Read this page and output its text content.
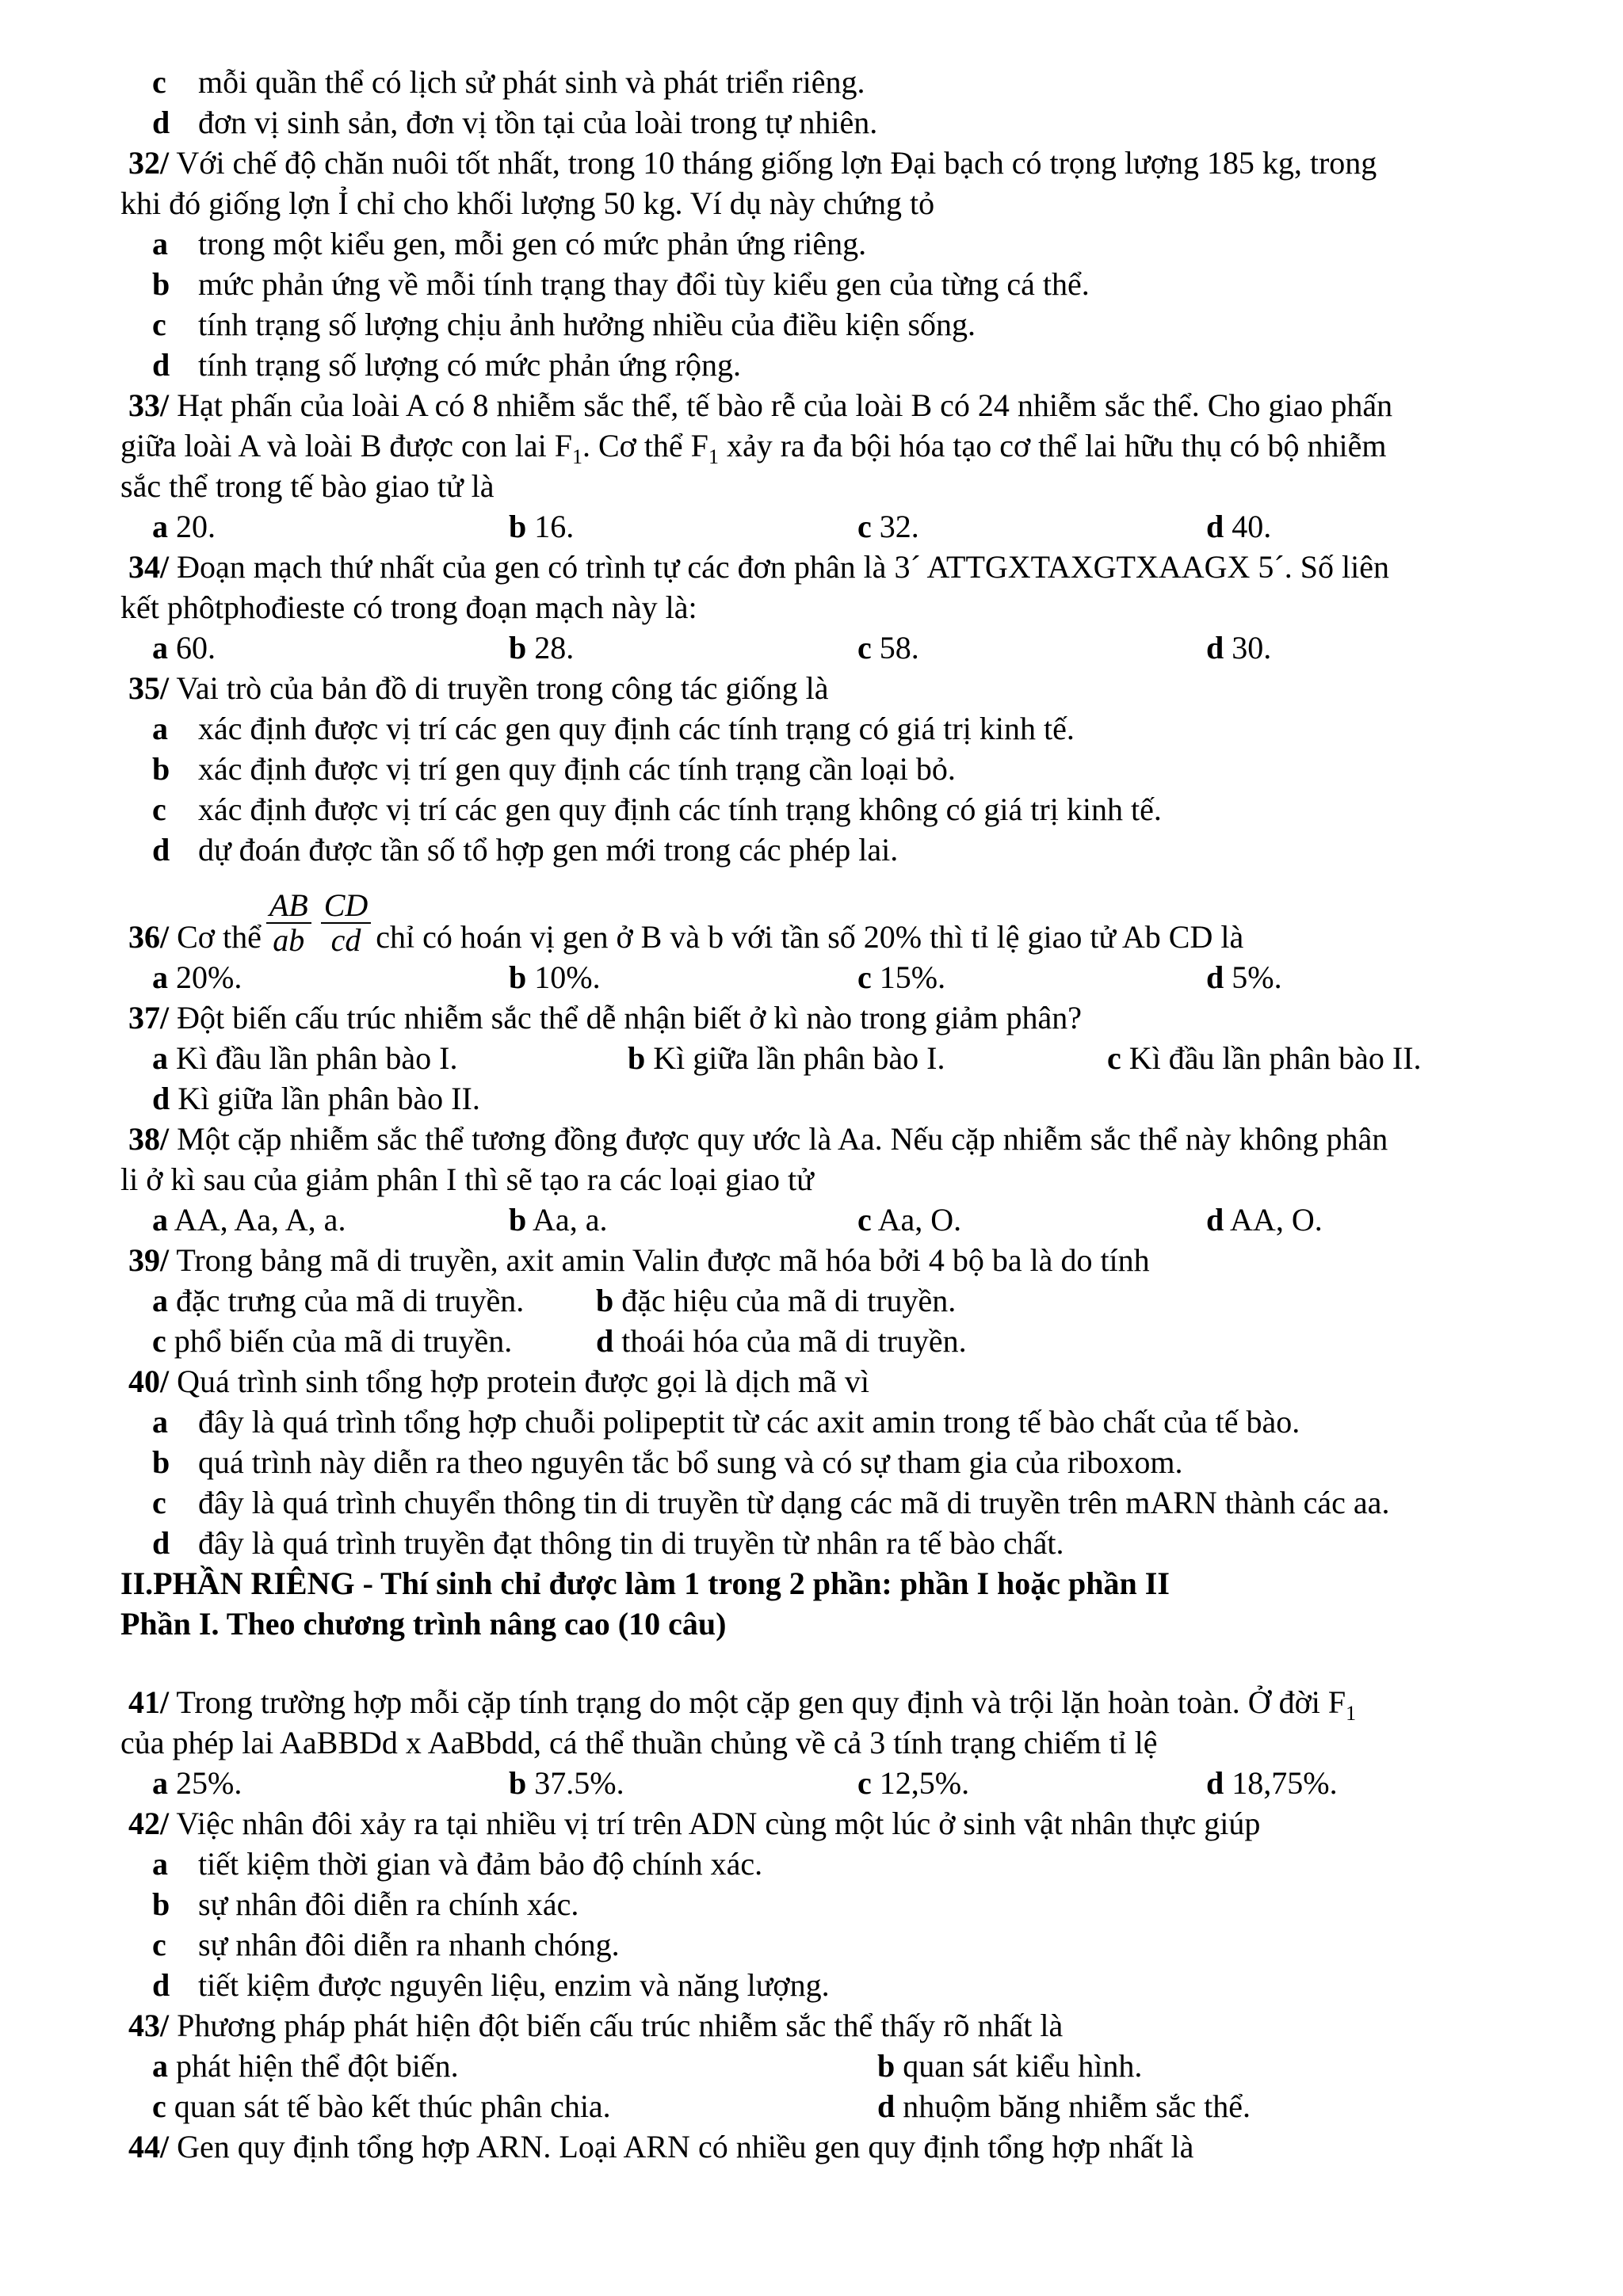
c mỗi quần thể có lịch sử phát sinh và phát triển riêng.
d đơn vị sinh sản, đơn vị tồn tại của loài trong tự nhiên.
32/ Với chế độ chăn nuôi tốt nhất, trong 10 tháng giống lợn Đại bạch có trọng lượng 185 kg, trong
khi đó giống lợn Ỉ chỉ cho khối lượng 50 kg. Ví dụ này chứng tỏ
a trong một kiểu gen, mỗi gen có mức phản ứng riêng.
b mức phản ứng về mỗi tính trạng thay đổi tùy kiểu gen của từng cá thể.
c tính trạng số lượng chịu ảnh hưởng nhiều của điều kiện sống.
d tính trạng số lượng có mức phản ứng rộng.
33/ Hạt phấn của loài A có 8 nhiễm sắc thể, tế bào rễ của loài B có 24 nhiễm sắc thể. Cho giao phấn
giữa loài A và loài B được con lai $F_1$. Cơ thể $F_1$ xảy ra đa bội hóa tạo cơ thể lai hữu thụ có bộ nhiễm
sắc thể trong tế bào giao tử là
a 20.	b 16.	c 32.	d 40.
34/ Đoạn mạch thứ nhất của gen có trình tự các đơn phân là 3´ ATTGXTAXGTXAAGX 5´. Số liên
kết phôtphođieste có trong đoạn mạch này là:
a 60.	b 28.	c 58.	d 30.
35/ Vai trò của bản đồ di truyền trong công tác giống là
a xác định được vị trí các gen quy định các tính trạng có giá trị kinh tế.
b xác định được vị trí gen quy định các tính trạng cần loại bỏ.
c xác định được vị trí các gen quy định các tính trạng không có giá trị kinh tế.
d dự đoán được tần số tổ hợp gen mới trong các phép lai.
36/ Cơ thể $\frac{AB}{ab} \frac{CD}{cd}$ chỉ có hoán vị gen ở B và b với tần số 20% thì tỉ lệ giao tử Ab CD là
a 20%.	b 10%.	c 15%.	d 5%.
37/ Đột biến cấu trúc nhiễm sắc thể dễ nhận biết ở kì nào trong giảm phân?
a Kì đầu lần phân bào I.	b Kì giữa lần phân bào I.	c Kì đầu lần phân bào II.
d Kì giữa lần phân bào II.
38/ Một cặp nhiễm sắc thể tương đồng được quy ước là Aa. Nếu cặp nhiễm sắc thể này không phân
li ở kì sau của giảm phân I thì sẽ tạo ra các loại giao tử
a AA, Aa, A, a.	b Aa, a.	c Aa, O.	d AA, O.
39/ Trong bảng mã di truyền, axit amin Valin được mã hóa bởi 4 bộ ba là do tính
a đặc trưng của mã di truyền.	b đặc hiệu của mã di truyền.
c phổ biến của mã di truyền.	d thoái hóa của mã di truyền.
40/ Quá trình sinh tổng hợp protein được gọi là dịch mã vì
a đây là quá trình tổng hợp chuỗi polipeptit từ các axit amin trong tế bào chất của tế bào.
b quá trình này diễn ra theo nguyên tắc bổ sung và có sự tham gia của riboxom.
c đây là quá trình chuyển thông tin di truyền từ dạng các mã di truyền trên mARN thành các aa.
d đây là quá trình truyền đạt thông tin di truyền từ nhân ra tế bào chất.
II.PHẦN RIÊNG - Thí sinh chỉ được làm 1 trong 2 phần: phần I hoặc phần II
Phần I. Theo chương trình nâng cao (10 câu)
41/ Trong trường hợp mỗi cặp tính trạng do một cặp gen quy định và trội lặn hoàn toàn. Ở đời $F_1$
của phép lai AaBBDd x AaBbdd, cá thể thuần chủng về cả 3 tính trạng chiếm tỉ lệ
a 25%.	b 37.5%.	c 12,5%.	d 18,75%.
42/ Việc nhân đôi xảy ra tại nhiều vị trí trên ADN cùng một lúc ở sinh vật nhân thực giúp
a tiết kiệm thời gian và đảm bảo độ chính xác.
b sự nhân đôi diễn ra chính xác.
c sự nhân đôi diễn ra nhanh chóng.
d tiết kiệm được nguyên liệu, enzim và năng lượng.
43/ Phương pháp phát hiện đột biến cấu trúc nhiễm sắc thể thấy rõ nhất là
a phát hiện thể đột biến.	b quan sát kiểu hình.
c quan sát tế bào kết thúc phân chia.	d nhuộm băng nhiễm sắc thể.
44/ Gen quy định tổng hợp ARN. Loại ARN có nhiều gen quy định tổng hợp nhất là
